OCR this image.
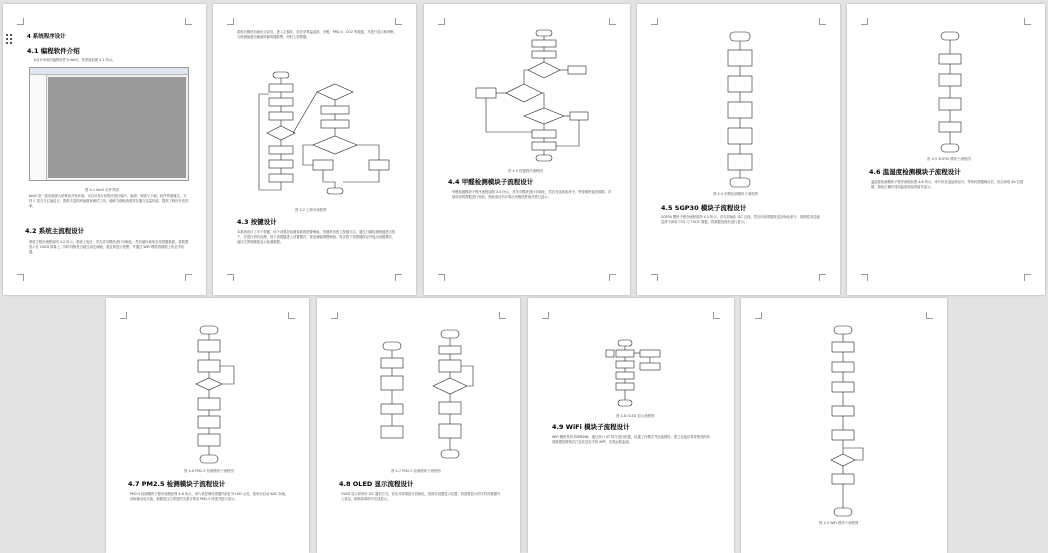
4 系统程序设计
4.1 编程软件介绍
本设计所用的编程软件为 Keil5，其界面如图 4-1 所示。
图 4-1 Keil5 软件界面
Keil5 是一款功能强大的集成开发环境，可以对单片机程序进行编写、编译、调试与下载。软件界面简洁，支持 C 语言与汇编语言，提供丰富的库函数和调试工具，能够方便地查看寄存器与变量的值，提高了程序开发效率。
4.2 系统主流程设计
系统主程序流程如图 4-2 所示。系统上电后，首先对各模块进行初始化，然后循环读取各传感器数据，将数据显示在 OLED 屏幕上，同时判断是否超过设定阈值，超过则进行报警，并通过 WiFi 模块将数据上传至手机端。
系统各模块初始化完成后，进入主循环，依次采集温湿度、甲醛、PM2.5、CO2 等数据，并进行显示和判断，当检测值超出阈值时蜂鸣器报警，同时上传数据。
图 4-2 主程序流程图
4.3 按键设计
本系统设计了多个按键，用于设置各检测参数的报警阈值。按键采用独立按键方式，通过扫描检测按键是否按下，并进行消抖处理，按下设置键进入设置模式，按加减键调整阈值，再次按下设置键保存并退出设置模式，返回主界面继续显示检测数据。
图 4-3 按键程序流程图
4.4 甲醛检测模块子流程设计
甲醛检测模块子程序流程如图 4-4 所示，首先对模块进行初始化，然后发送读取命令，等待模块返回数据，对接收到的数据进行校验，校验成功后计算出甲醛浓度值并进行显示。
图 4-4 甲醛检测模块子流程图
4.5 SGP30 模块子流程设计
SGP30 模块子程序流程如图 4-5 所示。首先初始化 I2C 总线，然后向传感器发送初始化命令，周期性发送测量命令读取 CO2 与 TVOC 数据，将数据处理后进行显示。
图 4-5 SGP30 模块子流程图
4.6 温湿度检测模块子流程设计
温湿度检测模块子程序流程如图 4-6 所示，单片机发送起始信号，等待传感器响应后，依次读取 40 位数据，校验正确后得到温度和湿度值并显示。
图 4-6 PM2.5 检测模块子流程图
4.7 PM2.5 检测模块子流程设计
PM2.5 检测模块子程序流程如图 4-6 所示，单片机控制传感器内部红外 LED 点亮，延时后启动 ADC 转换，读取输出电压值，根据电压与浓度的关系计算出 PM2.5 浓度并进行显示。
图 4-7 PM2.5 检测模块子流程图
4.8 OLED 显示流程设计
OLED 显示屏采用 I2C 通信方式，首先对屏幕进行初始化，清屏后设置显示位置，将需要显示的字符或数据写入显存，刷新屏幕即可完成显示。
图 4-8 OLED 显示流程图
4.9 WiFi 模块子流程设计
WiFi 模块采用 ESP8266，通过串口 AT 指令进行配置，设置工作模式并连接网络，建立连接后将采集到的环境数据按照格式打包发送至手机 APP，实现远程监测。
图 4-9 WiFi 模块子流程图
